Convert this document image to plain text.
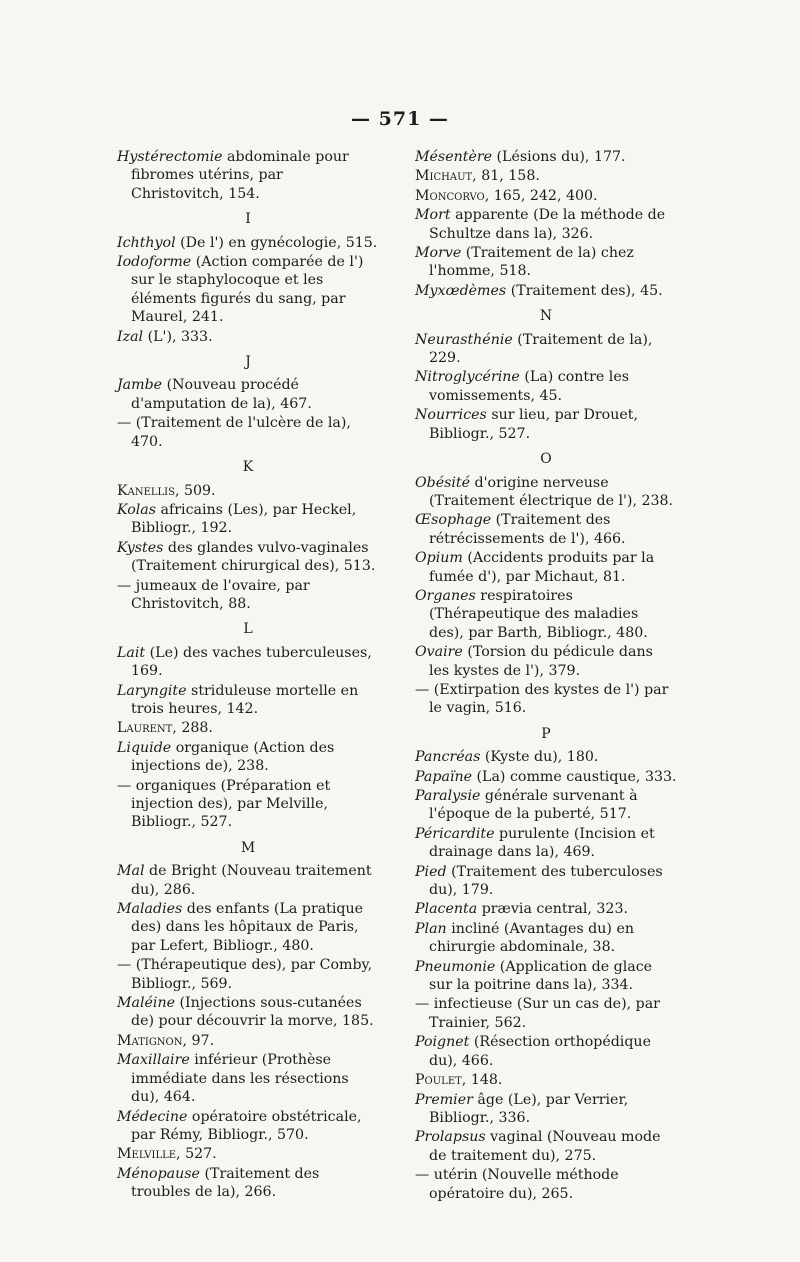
— 571 —
Hystérectomie abdominale pour fibromes utérins, par Christovitch, 154.
I
Ichthyol (De l') en gynécologie, 515.
Iodoforme (Action comparée de l') sur le staphylocoque et les éléments figurés du sang, par Maurel, 241.
Izal (L'), 333.
J
Jambe (Nouveau procédé d'amputation de la), 467.
— (Traitement de l'ulcère de la), 470.
K
Kanellis, 509.
Kolas africains (Les), par Heckel, Bibliogr., 192.
Kystes des glandes vulvo-vaginales (Traitement chirurgical des), 513.
— jumeaux de l'ovaire, par Christovitch, 88.
L
Lait (Le) des vaches tuberculeuses, 169.
Laryngite striduleuse mortelle en trois heures, 142.
Laurent, 288.
Liquide organique (Action des injections de), 238.
— organiques (Préparation et injection des), par Melville, Bibliogr., 527.
M
Mal de Bright (Nouveau traitement du), 286.
Maladies des enfants (La pratique des) dans les hôpitaux de Paris, par Lefert, Bibliogr., 480.
— (Thérapeutique des), par Comby, Bibliogr., 569.
Maléine (Injections sous-cutanées de) pour découvrir la morve, 185.
Matignon, 97.
Maxillaire inférieur (Prothèse immédiate dans les résections du), 464.
Médecine opératoire obstétricale, par Rémy, Bibliogr., 570.
Melville, 527.
Ménopause (Traitement des troubles de la), 266.
Mésentère (Lésions du), 177.
Michaut, 81, 158.
Moncorvo, 165, 242, 400.
Mort apparente (De la méthode de Schultze dans la), 326.
Morve (Traitement de la) chez l'homme, 518.
Myxœdèmes (Traitement des), 45.
N
Neurasthénie (Traitement de la), 229.
Nitroglycérine (La) contre les vomissements, 45.
Nourrices sur lieu, par Drouet, Bibliogr., 527.
O
Obésité d'origine nerveuse (Traitement électrique de l'), 238.
Œsophage (Traitement des rétrécissements de l'), 466.
Opium (Accidents produits par la fumée d'), par Michaut, 81.
Organes respiratoires (Thérapeutique des maladies des), par Barth, Bibliogr., 480.
Ovaire (Torsion du pédicule dans les kystes de l'), 379.
— (Extirpation des kystes de l') par le vagin, 516.
P
Pancréas (Kyste du), 180.
Papaïne (La) comme caustique, 333.
Paralysie générale survenant à l'époque de la puberté, 517.
Péricardite purulente (Incision et drainage dans la), 469.
Pied (Traitement des tuberculoses du), 179.
Placenta prævia central, 323.
Plan incliné (Avantages du) en chirurgie abdominale, 38.
Pneumonie (Application de glace sur la poitrine dans la), 334.
— infectieuse (Sur un cas de), par Trainier, 562.
Poignet (Résection orthopédique du), 466.
Poulet, 148.
Premier âge (Le), par Verrier, Bibliogr., 336.
Prolapsus vaginal (Nouveau mode de traitement du), 275.
— utérin (Nouvelle méthode opératoire du), 265.
